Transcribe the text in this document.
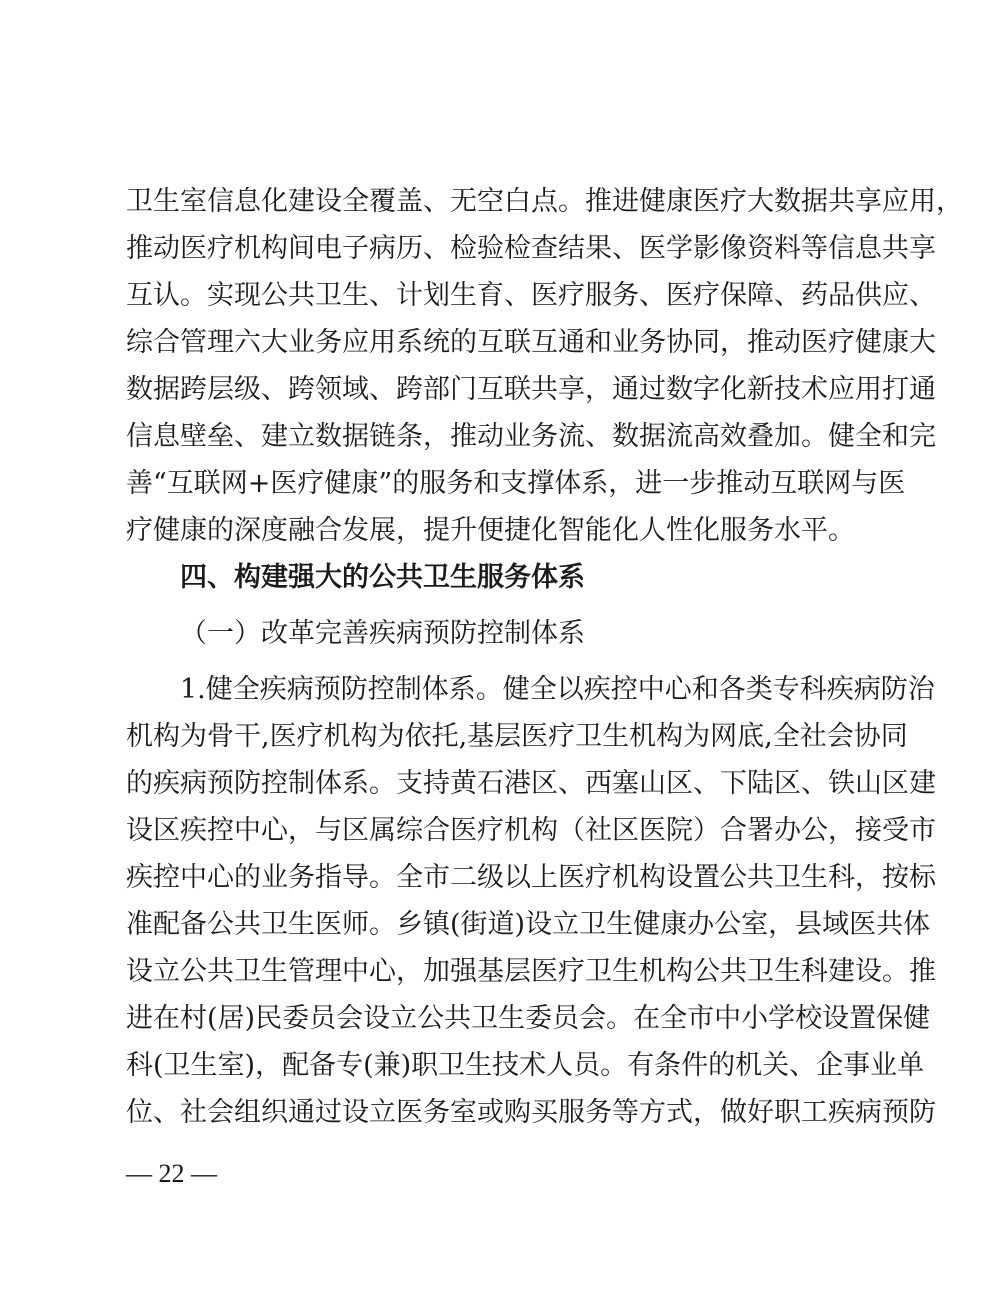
卫生室信息化建设全覆盖、无空白点。推进健康医疗大数据共享应用，
推动医疗机构间电子病历、检验检查结果、医学影像资料等信息共享
互认。实现公共卫生、计划生育、医疗服务、医疗保障、药品供应、
综合管理六大业务应用系统的互联互通和业务协同，推动医疗健康大
数据跨层级、跨领域、跨部门互联共享，通过数字化新技术应用打通
信息壁垒、建立数据链条，推动业务流、数据流高效叠加。健全和完
善“互联网+医疗健康”的服务和支撑体系，进一步推动互联网与医
疗健康的深度融合发展，提升便捷化智能化人性化服务水平。
四、构建强大的公共卫生服务体系
（一）改革完善疾病预防控制体系
1.健全疾病预防控制体系。健全以疾控中心和各类专科疾病防治
机构为骨干,医疗机构为依托,基层医疗卫生机构为网底,全社会协同
的疾病预防控制体系。支持黄石港区、西塞山区、下陆区、铁山区建
设区疾控中心，与区属综合医疗机构（社区医院）合署办公，接受市
疾控中心的业务指导。全市二级以上医疗机构设置公共卫生科，按标
准配备公共卫生医师。乡镇(街道)设立卫生健康办公室，县域医共体
设立公共卫生管理中心，加强基层医疗卫生机构公共卫生科建设。推
进在村(居)民委员会设立公共卫生委员会。在全市中小学校设置保健
科(卫生室)，配备专(兼)职卫生技术人员。有条件的机关、企事业单
位、社会组织通过设立医务室或购买服务等方式，做好职工疾病预防
— 22 —
